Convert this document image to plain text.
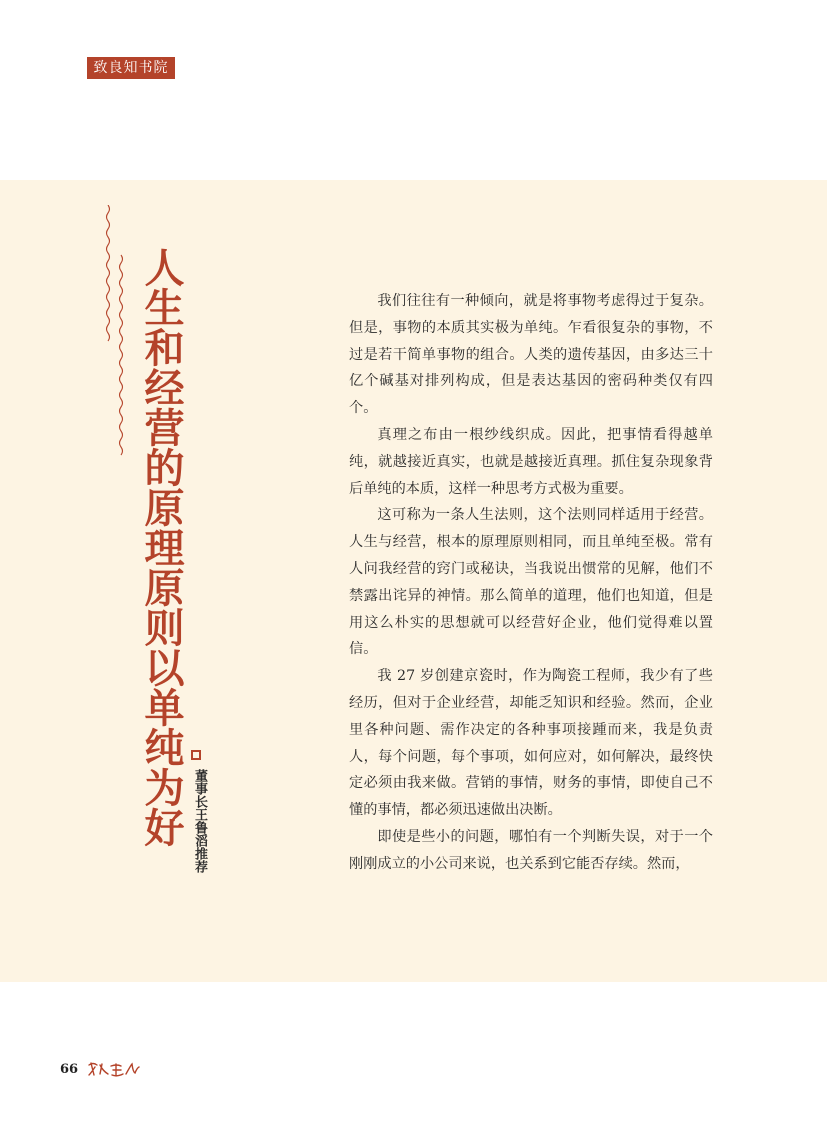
致良知书院
人生和经营的原理原则以单纯为好 董事长王鲁滔推荐

我们往往有一种倾向，就是将事物考虑得过于复杂。但是，事物的本质其实极为单纯。乍看很复杂的事物，不过是若干简单事物的组合。人类的遗传基因，由多达三十亿个碱基对排列构成，但是表达基因的密码种类仅有四个。

真理之布由一根纱线织成。因此，把事情看得越单纯，就越接近真实，也就是越接近真理。抓住复杂现象背后单纯的本质，这样一种思考方式极为重要。

这可称为一条人生法则，这个法则同样适用于经营。人生与经营，根本的原理原则相同，而且单纯至极。常有人问我经营的窍门或秘诀，当我说出惯常的见解，他们不禁露出诧异的神情。那么简单的道理，他们也知道，但是用这么朴实的思想就可以经营好企业，他们觉得难以置信。

我 27 岁创建京瓷时，作为陶瓷工程师，我少有了些经历，但对于企业经营，却能乏知识和经验。然而，企业里各种问题、需作决定的各种事项接踵而来，我是负责人，每个问题，每个事项，如何应对，如何解决，最终快定必须由我来做。营销的事情，财务的事情，即使自己不懂的事情，都必须迅速做出决断。

即使是些小的问题，哪怕有一个判断失误，对于一个刚刚成立的小公司来说，也关系到它能否存续。然而，

66
